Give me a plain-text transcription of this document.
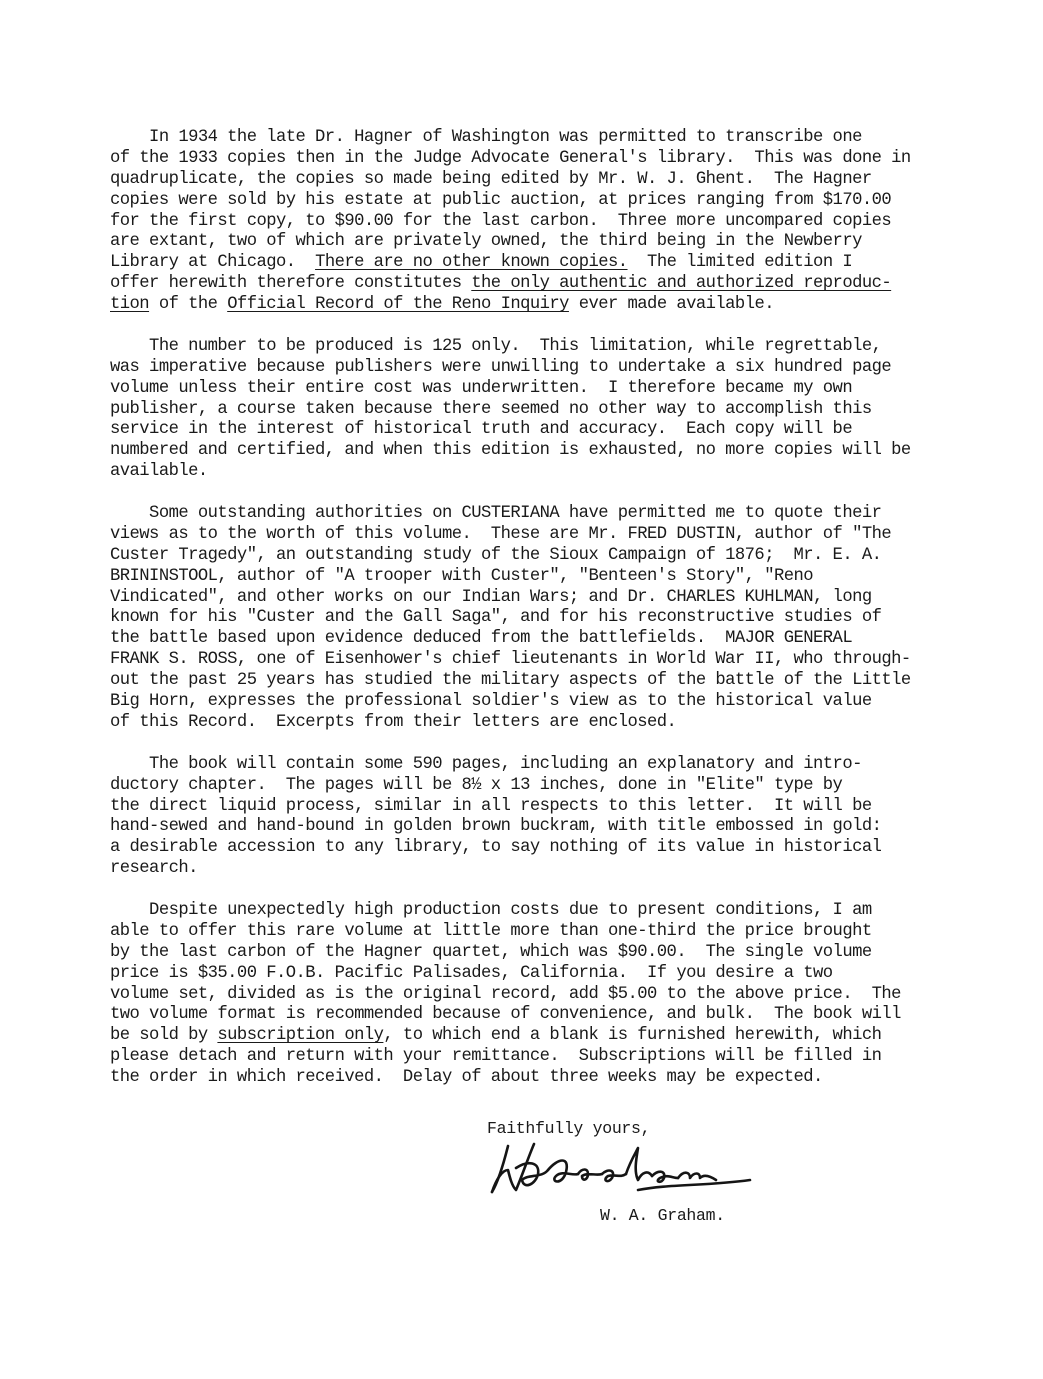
In 1934 the late Dr. Hagner of Washington was permitted to transcribe one
of the 1933 copies then in the Judge Advocate General's library.  This was done in
quadruplicate, the copies so made being edited by Mr. W. J. Ghent.  The Hagner
copies were sold by his estate at public auction, at prices ranging from $170.00
for the first copy, to $90.00 for the last carbon.  Three more uncompared copies
are extant, two of which are privately owned, the third being in the Newberry
Library at Chicago.  There are no other known copies.  The limited edition I
offer herewith therefore constitutes the only authentic and authorized reproduc-
tion of the Official Record of the Reno Inquiry ever made available.
The number to be produced is 125 only.  This limitation, while regrettable,
was imperative because publishers were unwilling to undertake a six hundred page
volume unless their entire cost was underwritten.  I therefore became my own
publisher, a course taken because there seemed no other way to accomplish this
service in the interest of historical truth and accuracy.  Each copy will be
numbered and certified, and when this edition is exhausted, no more copies will be
available.
Some outstanding authorities on CUSTERIANA have permitted me to quote their
views as to the worth of this volume.  These are Mr. FRED DUSTIN, author of "The
Custer Tragedy", an outstanding study of the Sioux Campaign of 1876;  Mr. E. A.
BRININSTOOL, author of "A trooper with Custer", "Benteen's Story", "Reno
Vindicated", and other works on our Indian Wars; and Dr. CHARLES KUHLMAN, long
known for his "Custer and the Gall Saga", and for his reconstructive studies of
the battle based upon evidence deduced from the battlefields.  MAJOR GENERAL
FRANK S. ROSS, one of Eisenhower's chief lieutenants in World War II, who through-
out the past 25 years has studied the military aspects of the battle of the Little
Big Horn, expresses the professional soldier's view as to the historical value
of this Record.  Excerpts from their letters are enclosed.
The book will contain some 590 pages, including an explanatory and intro-
ductory chapter.  The pages will be 8½ x 13 inches, done in "Elite" type by
the direct liquid process, similar in all respects to this letter.  It will be
hand-sewed and hand-bound in golden brown buckram, with title embossed in gold:
a desirable accession to any library, to say nothing of its value in historical
research.
Despite unexpectedly high production costs due to present conditions, I am
able to offer this rare volume at little more than one-third the price brought
by the last carbon of the Hagner quartet, which was $90.00.  The single volume
price is $35.00 F.O.B. Pacific Palisades, California.  If you desire a two
volume set, divided as is the original record, add $5.00 to the above price.  The
two volume format is recommended because of convenience, and bulk.  The book will
be sold by subscription only, to which end a blank is furnished herewith, which
please detach and return with your remittance.  Subscriptions will be filled in
the order in which received.  Delay of about three weeks may be expected.
Faithfully yours,
W. A. Graham.
